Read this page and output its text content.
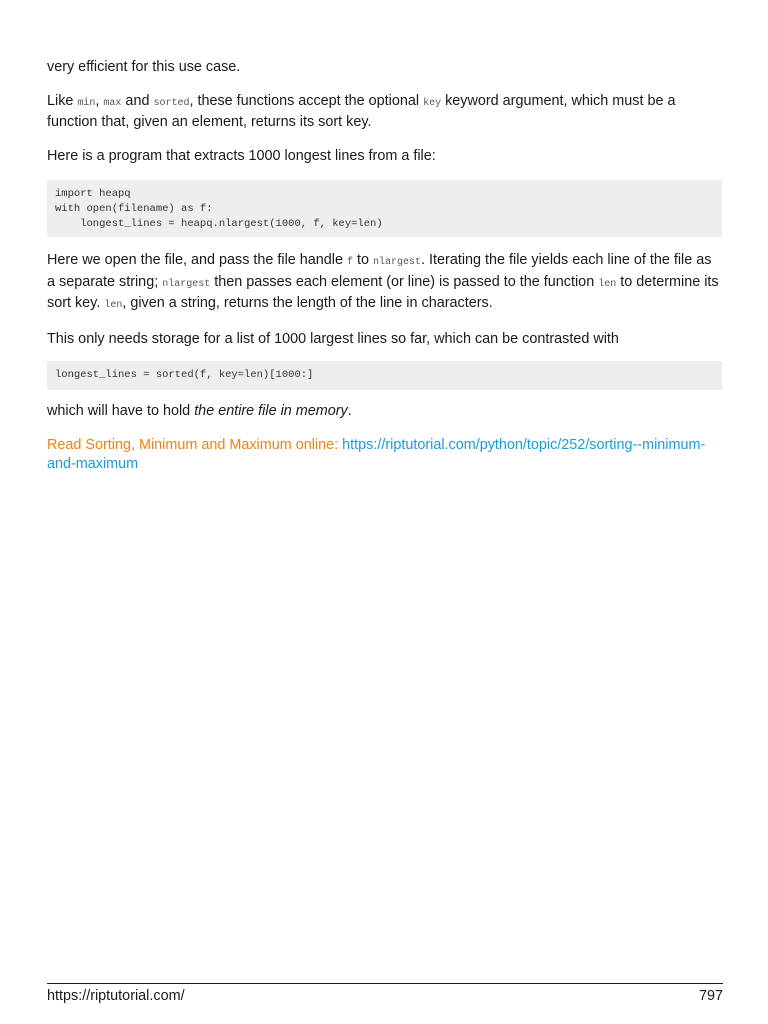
very efficient for this use case.

Like min, max and sorted, these functions accept the optional key keyword argument, which must be a function that, given an element, returns its sort key.

Here is a program that extracts 1000 longest lines from a file:

import heapq
with open(filename) as f:
longest_lines = heapq.nlargest(1000, f, key=len)

Here we open the file, and pass the file handle f to nlargest. Iterating the file yields each line of the file as a separate string; nlargest then passes each element (or line) is passed to the function len to determine its sort key. len, given a string, returns the length of the line in characters.

This only needs storage for a list of 1000 largest lines so far, which can be contrasted with

longest_lines = sorted(f, key=len)[1000:]

which will have to hold the entire file in memory.

Read Sorting, Minimum and Maximum online: https://riptutorial.com/python/topic/252/sorting--minimum-and-maximum

https://riptutorial.com/	797
